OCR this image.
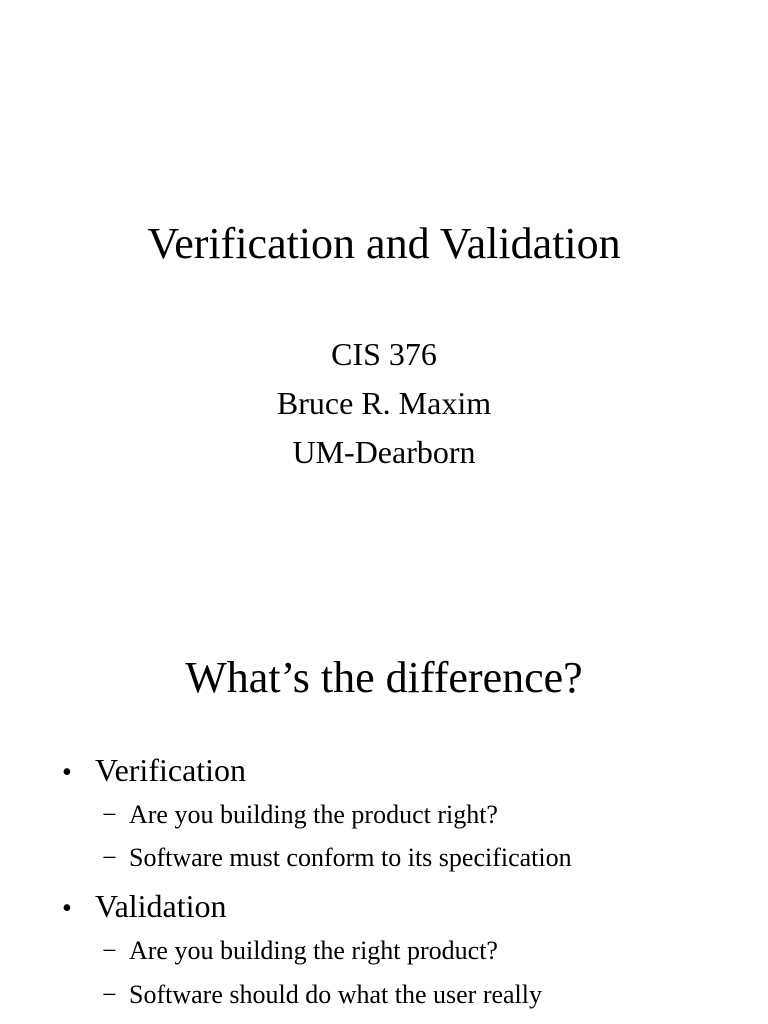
Verification and Validation
CIS 376
Bruce R. Maxim
UM-Dearborn
What’s the difference?
• Verification
− Are you building the product right?
− Software must conform to its specification
• Validation
− Are you building the right product?
− Software should do what the user really
